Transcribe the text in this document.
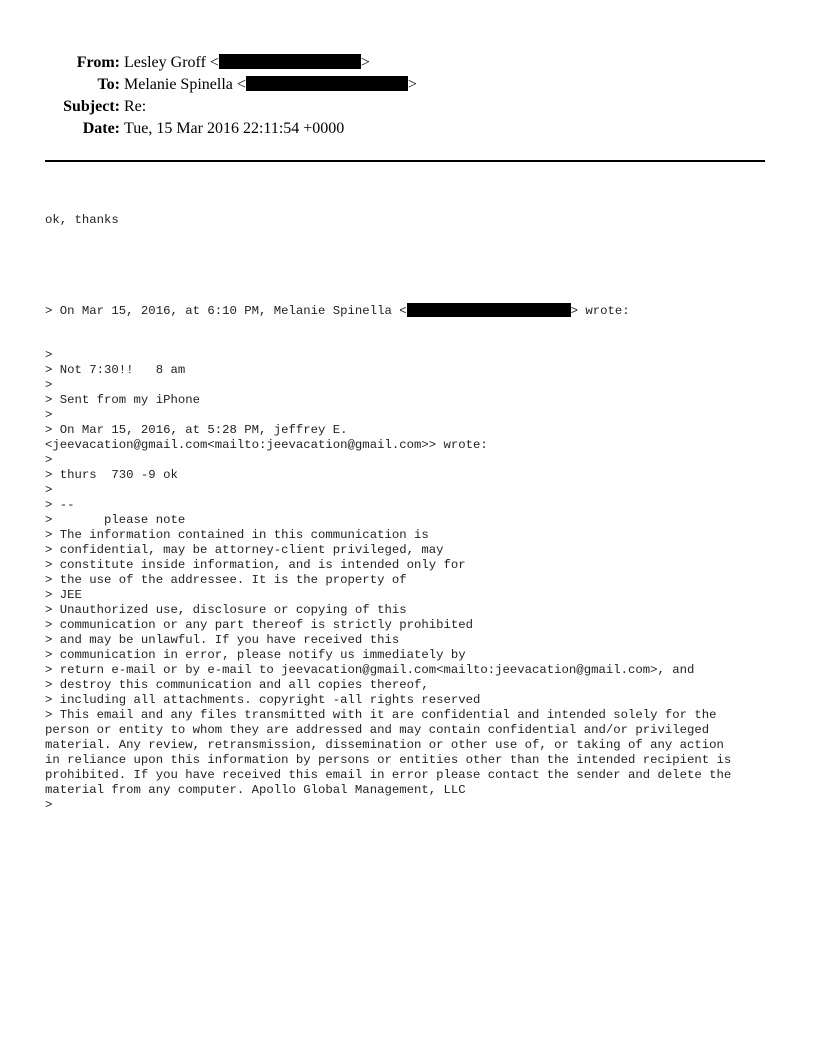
From: Lesley Groff <	>
To: Melanie Spinella <	>
Subject: Re:
Date: Tue, 15 Mar 2016 22:11:54 +0000

ok, thanks

> On Mar 15, 2016, at 6:10 PM, Melanie Spinella <	> wrote:

>
> Not 7:30!!   8 am
>
> Sent from my iPhone
>
> On Mar 15, 2016, at 5:28 PM, jeffrey E.
<jeevacation@gmail.com<mailto:jeevacation@gmail.com>> wrote:
>
> thurs  730 -9 ok
>
> --
>       please note
> The information contained in this communication is
> confidential, may be attorney-client privileged, may
> constitute inside information, and is intended only for
> the use of the addressee. It is the property of
> JEE
> Unauthorized use, disclosure or copying of this
> communication or any part thereof is strictly prohibited
> and may be unlawful. If you have received this
> communication in error, please notify us immediately by
> return e-mail or by e-mail to jeevacation@gmail.com<mailto:jeevacation@gmail.com>, and
> destroy this communication and all copies thereof,
> including all attachments. copyright -all rights reserved
> This email and any files transmitted with it are confidential and intended solely for the
person or entity to whom they are addressed and may contain confidential and/or privileged
material. Any review, retransmission, dissemination or other use of, or taking of any action
in reliance upon this information by persons or entities other than the intended recipient is
prohibited. If you have received this email in error please contact the sender and delete the
material from any computer. Apollo Global Management, LLC
>
